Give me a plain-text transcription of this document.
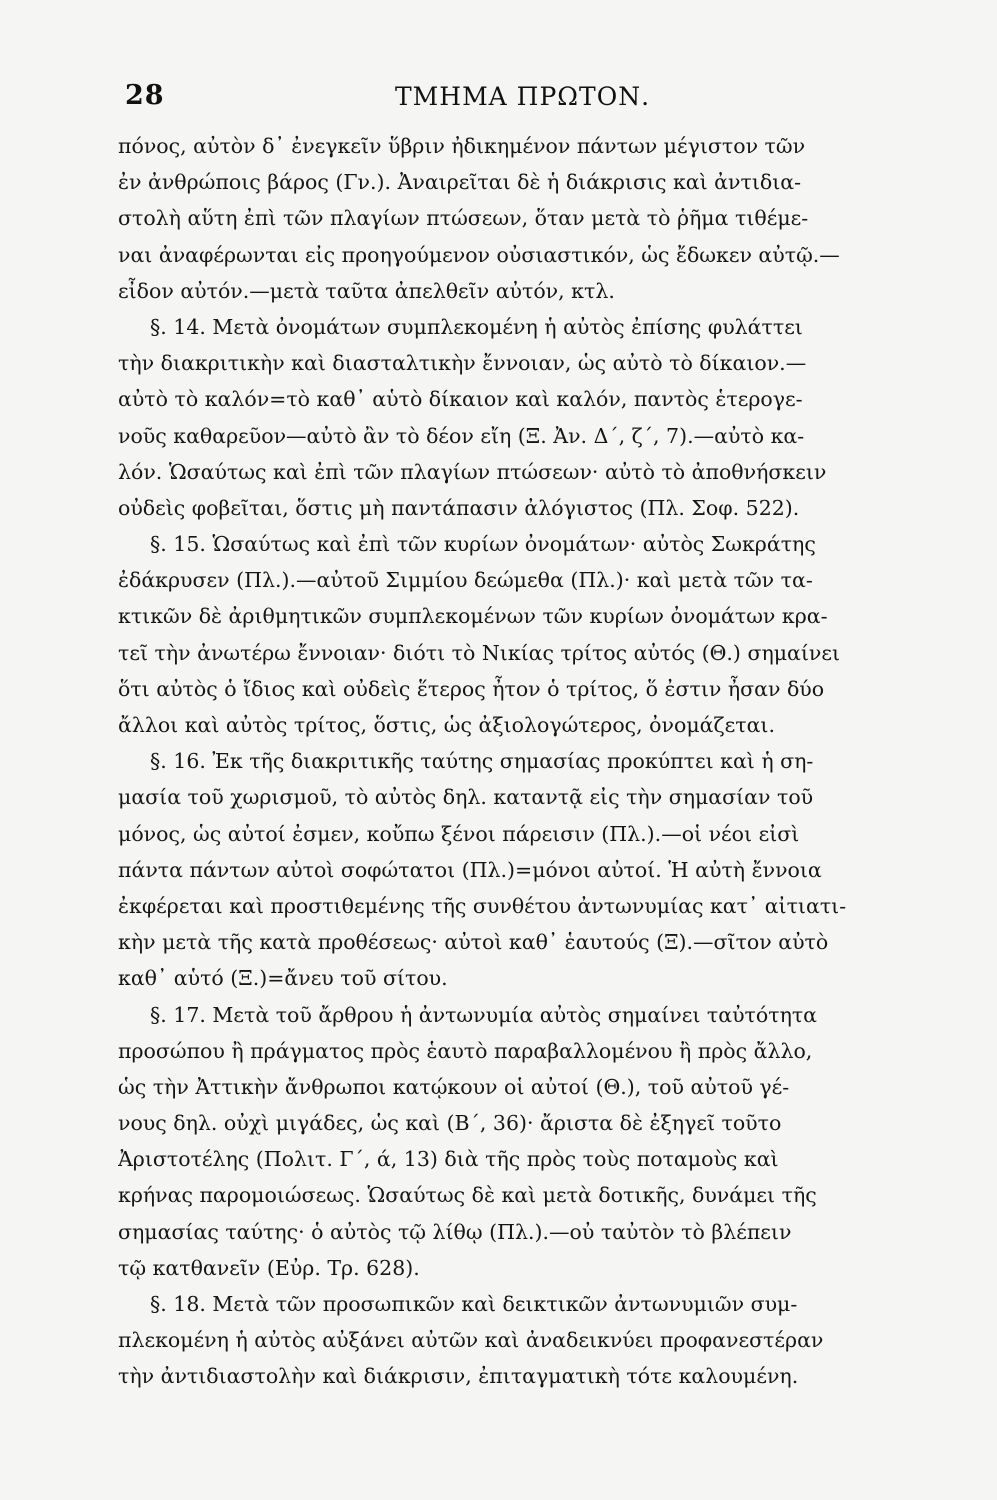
28	ΤΜΗΜΑ ΠΡΩΤΟΝ.
πόνος, αὐτὸν δ᾽ ἐνεγκεῖν ὕβριν ἠδικημένον πάντων μέγιστον τῶν
ἐν ἀνθρώποις βάρος (Γν.). Ἀναιρεῖται δὲ ἡ διάκρισις καὶ ἀντιδια-
στολὴ αὕτη ἐπὶ τῶν πλαγίων πτώσεων, ὅταν μετὰ τὸ ῥῆμα τιθέμε-
ναι ἀναφέρωνται εἰς προηγούμενον οὐσιαστικόν, ὡς ἔδωκεν αὐτῷ.—
εἶδον αὐτόν.—μετὰ ταῦτα ἀπελθεῖν αὐτόν, κτλ.
§. 14. Μετὰ ὀνομάτων συμπλεκομένη ἡ αὐτὸς ἐπίσης φυλάττει
τὴν διακριτικὴν καὶ διασταλτικὴν ἔννοιαν, ὡς αὐτὸ τὸ δίκαιον.—
αὐτὸ τὸ καλόν=τὸ καθ᾽ αὑτὸ δίκαιον καὶ καλόν, παντὸς ἑτερογε-
νοῦς καθαρεῦον—αὐτὸ ἂν τὸ δέον εἴη (Ξ. Ἀν. Δ΄, ζ΄, 7).—αὐτὸ κα-
λόν. Ὡσαύτως καὶ ἐπὶ τῶν πλαγίων πτώσεων· αὐτὸ τὸ ἀποθνήσκειν
οὐδεὶς φοβεῖται, ὅστις μὴ παντάπασιν ἀλόγιστος (Πλ. Σοφ. 522).
§. 15. Ὡσαύτως καὶ ἐπὶ τῶν κυρίων ὀνομάτων· αὐτὸς Σωκράτης
ἐδάκρυσεν (Πλ.).—αὐτοῦ Σιμμίου δεώμεθα (Πλ.)· καὶ μετὰ τῶν τα-
κτικῶν δὲ ἀριθμητικῶν συμπλεκομένων τῶν κυρίων ὀνομάτων κρα-
τεῖ τὴν ἀνωτέρω ἔννοιαν· διότι τὸ Νικίας τρίτος αὐτός (Θ.) σημαίνει
ὅτι αὐτὸς ὁ ἴδιος καὶ οὐδεὶς ἕτερος ἦτον ὁ τρίτος, ὅ ἐστιν ἦσαν δύο
ἄλλοι καὶ αὐτὸς τρίτος, ὅστις, ὡς ἀξιολογώτερος, ὀνομάζεται.
§. 16. Ἐκ τῆς διακριτικῆς ταύτης σημασίας προκύπτει καὶ ἡ ση-
μασία τοῦ χωρισμοῦ, τὸ αὐτὸς δηλ. καταντᾷ εἰς τὴν σημασίαν τοῦ
μόνος, ὡς αὐτοί ἐσμεν, κοὔπω ξένοι πάρεισιν (Πλ.).—οἱ νέοι εἰσὶ
πάντα πάντων αὐτοὶ σοφώτατοι (Πλ.)=μόνοι αὐτοί. Ἡ αὐτὴ ἔννοια
ἐκφέρεται καὶ προστιθεμένης τῆς συνθέτου ἀντωνυμίας κατ᾽ αἰτιατι-
κὴν μετὰ τῆς κατὰ προθέσεως· αὐτοὶ καθ᾽ ἑαυτούς (Ξ).—σῖτον αὐτὸ
καθ᾽ αὑτό (Ξ.)=ἄνευ τοῦ σίτου.
§. 17. Μετὰ τοῦ ἄρθρου ἡ ἀντωνυμία αὐτὸς σημαίνει ταὐτότητα
προσώπου ἢ πράγματος πρὸς ἑαυτὸ παραβαλλομένου ἢ πρὸς ἄλλο,
ὡς τὴν Ἀττικὴν ἄνθρωποι κατῴκουν οἱ αὐτοί (Θ.), τοῦ αὐτοῦ γέ-
νους δηλ. οὐχὶ μιγάδες, ὡς καὶ (Β΄, 36)· ἄριστα δὲ ἐξηγεῖ τοῦτο
Ἀριστοτέλης (Πολιτ. Γ΄, ά, 13) διὰ τῆς πρὸς τοὺς ποταμοὺς καὶ
κρήνας παρομοιώσεως. Ὡσαύτως δὲ καὶ μετὰ δοτικῆς, δυνάμει τῆς
σημασίας ταύτης· ὁ αὐτὸς τῷ λίθῳ (Πλ.).—οὐ ταὐτὸν τὸ βλέπειν
τῷ κατθανεῖν (Εὐρ. Τρ. 628).
§. 18. Μετὰ τῶν προσωπικῶν καὶ δεικτικῶν ἀντωνυμιῶν συμ-
πλεκομένη ἡ αὐτὸς αὐξάνει αὐτῶν καὶ ἀναδεικνύει προφανεστέραν
τὴν ἀντιδιαστολὴν καὶ διάκρισιν, ἐπιταγματικὴ τότε καλουμένη.
